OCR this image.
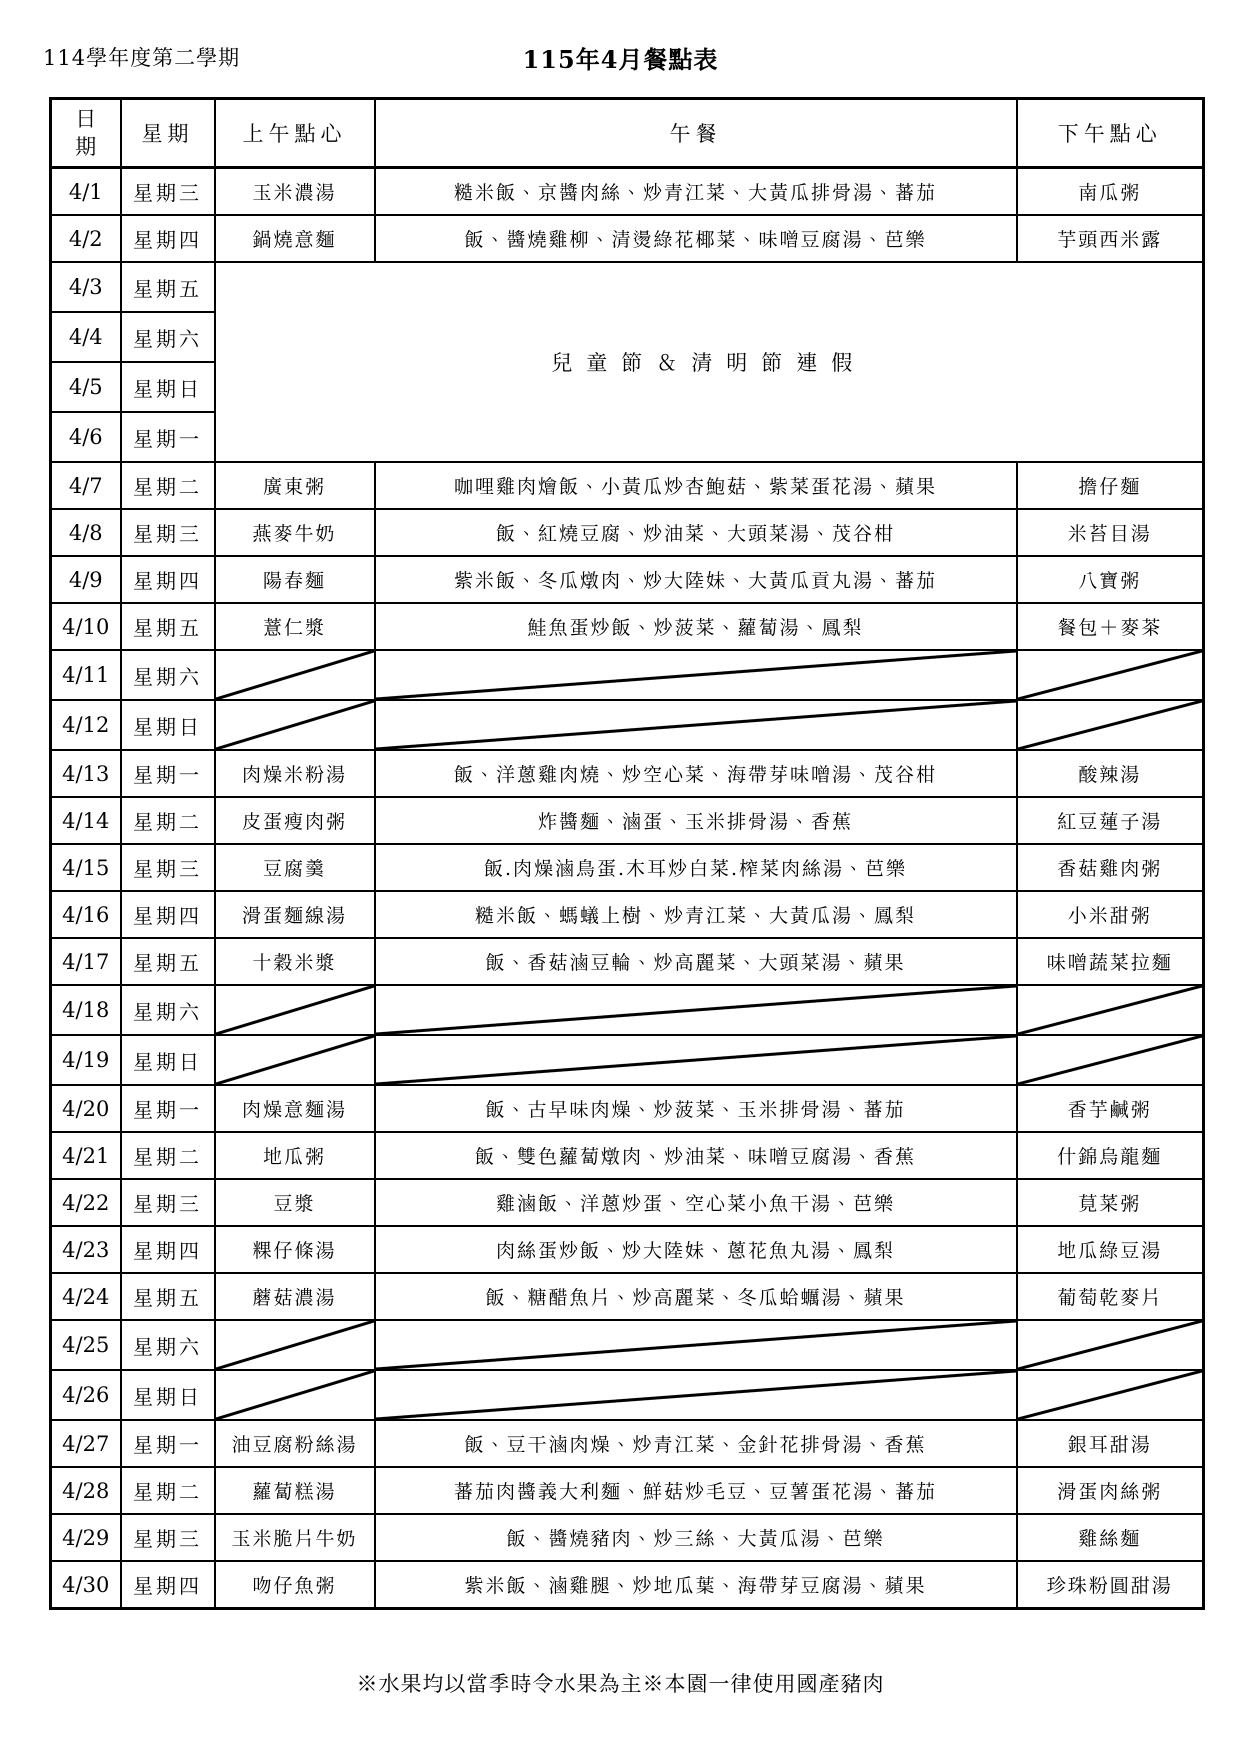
114學年度第二學期	115年4月餐點表
日期	星期	上午點心	午餐	下午點心
4/1	星期三	玉米濃湯	糙米飯、京醬肉絲、炒青江菜、大黃瓜排骨湯、蕃茄	南瓜粥
4/2	星期四	鍋燒意麵	飯、醬燒雞柳、清燙綠花椰菜、味噌豆腐湯、芭樂	芋頭西米露
4/3	星期五	兒童節＆清明節連假		
4/4	星期六			
4/5	星期日			
4/6	星期一			
4/7	星期二	廣東粥	咖哩雞肉燴飯、小黃瓜炒杏鮑菇、紫菜蛋花湯、蘋果	擔仔麵
4/8	星期三	燕麥牛奶	飯、紅燒豆腐、炒油菜、大頭菜湯、茂谷柑	米苔目湯
4/9	星期四	陽春麵	紫米飯、冬瓜燉肉、炒大陸妹、大黃瓜貢丸湯、蕃茄	八寶粥
4/10	星期五	薏仁漿	鮭魚蛋炒飯、炒菠菜、蘿蔔湯、鳳梨	餐包＋麥茶
4/11	星期六			
4/12	星期日			
4/13	星期一	肉燥米粉湯	飯、洋蔥雞肉燒、炒空心菜、海帶芽味噌湯、茂谷柑	酸辣湯
4/14	星期二	皮蛋瘦肉粥	炸醬麵、滷蛋、玉米排骨湯、香蕉	紅豆蓮子湯
4/15	星期三	豆腐羹	飯.肉燥滷鳥蛋.木耳炒白菜.榨菜肉絲湯、芭樂	香菇雞肉粥
4/16	星期四	滑蛋麵線湯	糙米飯、螞蟻上樹、炒青江菜、大黃瓜湯、鳳梨	小米甜粥
4/17	星期五	十穀米漿	飯、香菇滷豆輪、炒高麗菜、大頭菜湯、蘋果	味噌蔬菜拉麵
4/18	星期六			
4/19	星期日			
4/20	星期一	肉燥意麵湯	飯、古早味肉燥、炒菠菜、玉米排骨湯、蕃茄	香芋鹹粥
4/21	星期二	地瓜粥	飯、雙色蘿蔔燉肉、炒油菜、味噌豆腐湯、香蕉	什錦烏龍麵
4/22	星期三	豆漿	雞滷飯、洋蔥炒蛋、空心菜小魚干湯、芭樂	莧菜粥
4/23	星期四	粿仔條湯	肉絲蛋炒飯、炒大陸妹、蔥花魚丸湯、鳳梨	地瓜綠豆湯
4/24	星期五	蘑菇濃湯	飯、糖醋魚片、炒高麗菜、冬瓜蛤蠣湯、蘋果	葡萄乾麥片
4/25	星期六			
4/26	星期日			
4/27	星期一	油豆腐粉絲湯	飯、豆干滷肉燥、炒青江菜、金針花排骨湯、香蕉	銀耳甜湯
4/28	星期二	蘿蔔糕湯	蕃茄肉醬義大利麵、鮮菇炒毛豆、豆薯蛋花湯、蕃茄	滑蛋肉絲粥
4/29	星期三	玉米脆片牛奶	飯、醬燒豬肉、炒三絲、大黃瓜湯、芭樂	雞絲麵
4/30	星期四	吻仔魚粥	紫米飯、滷雞腿、炒地瓜葉、海帶芽豆腐湯、蘋果	珍珠粉圓甜湯
※水果均以當季時令水果為主※本園一律使用國產豬肉
